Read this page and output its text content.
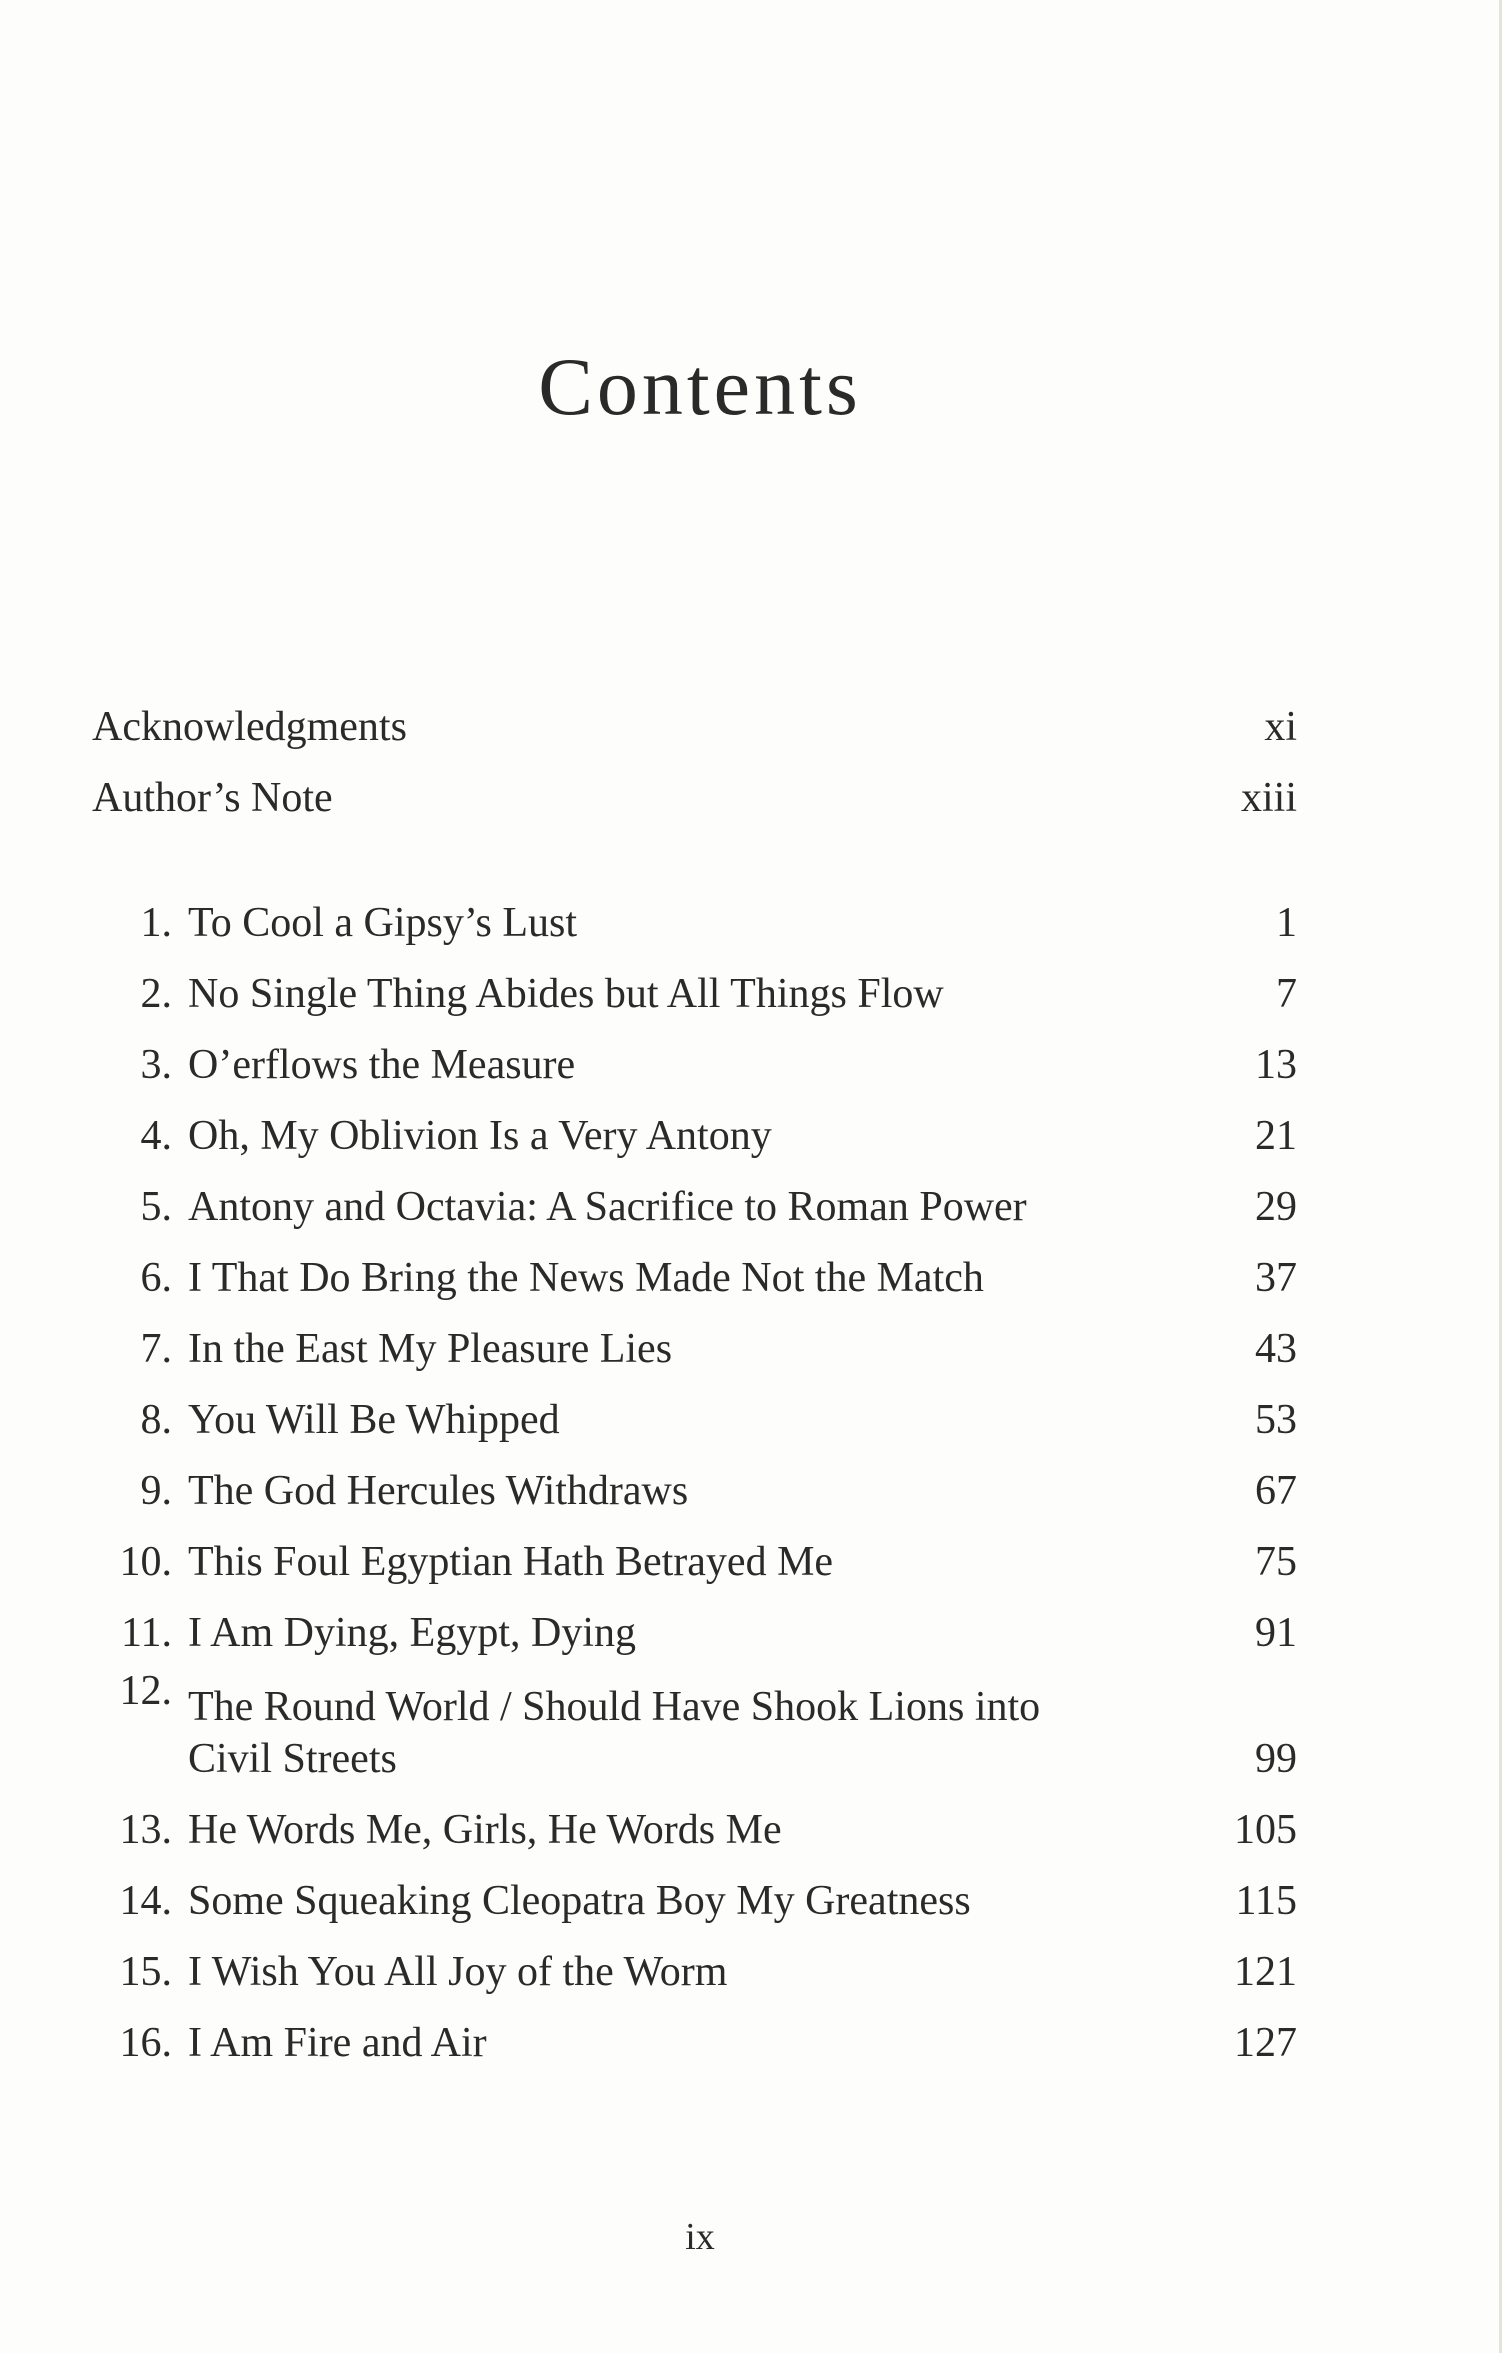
Contents
Acknowledgments	xi
Author’s Note	xiii
1. To Cool a Gipsy’s Lust	1
2. No Single Thing Abides but All Things Flow	7
3. O’erflows the Measure	13
4. Oh, My Oblivion Is a Very Antony	21
5. Antony and Octavia: A Sacrifice to Roman Power	29
6. I That Do Bring the News Made Not the Match	37
7. In the East My Pleasure Lies	43
8. You Will Be Whipped	53
9. The God Hercules Withdraws	67
10. This Foul Egyptian Hath Betrayed Me	75
11. I Am Dying, Egypt, Dying	91
12. The Round World / Should Have Shook Lions into
Civil Streets	99
13. He Words Me, Girls, He Words Me	105
14. Some Squeaking Cleopatra Boy My Greatness	115
15. I Wish You All Joy of the Worm	121
16. I Am Fire and Air	127
ix
